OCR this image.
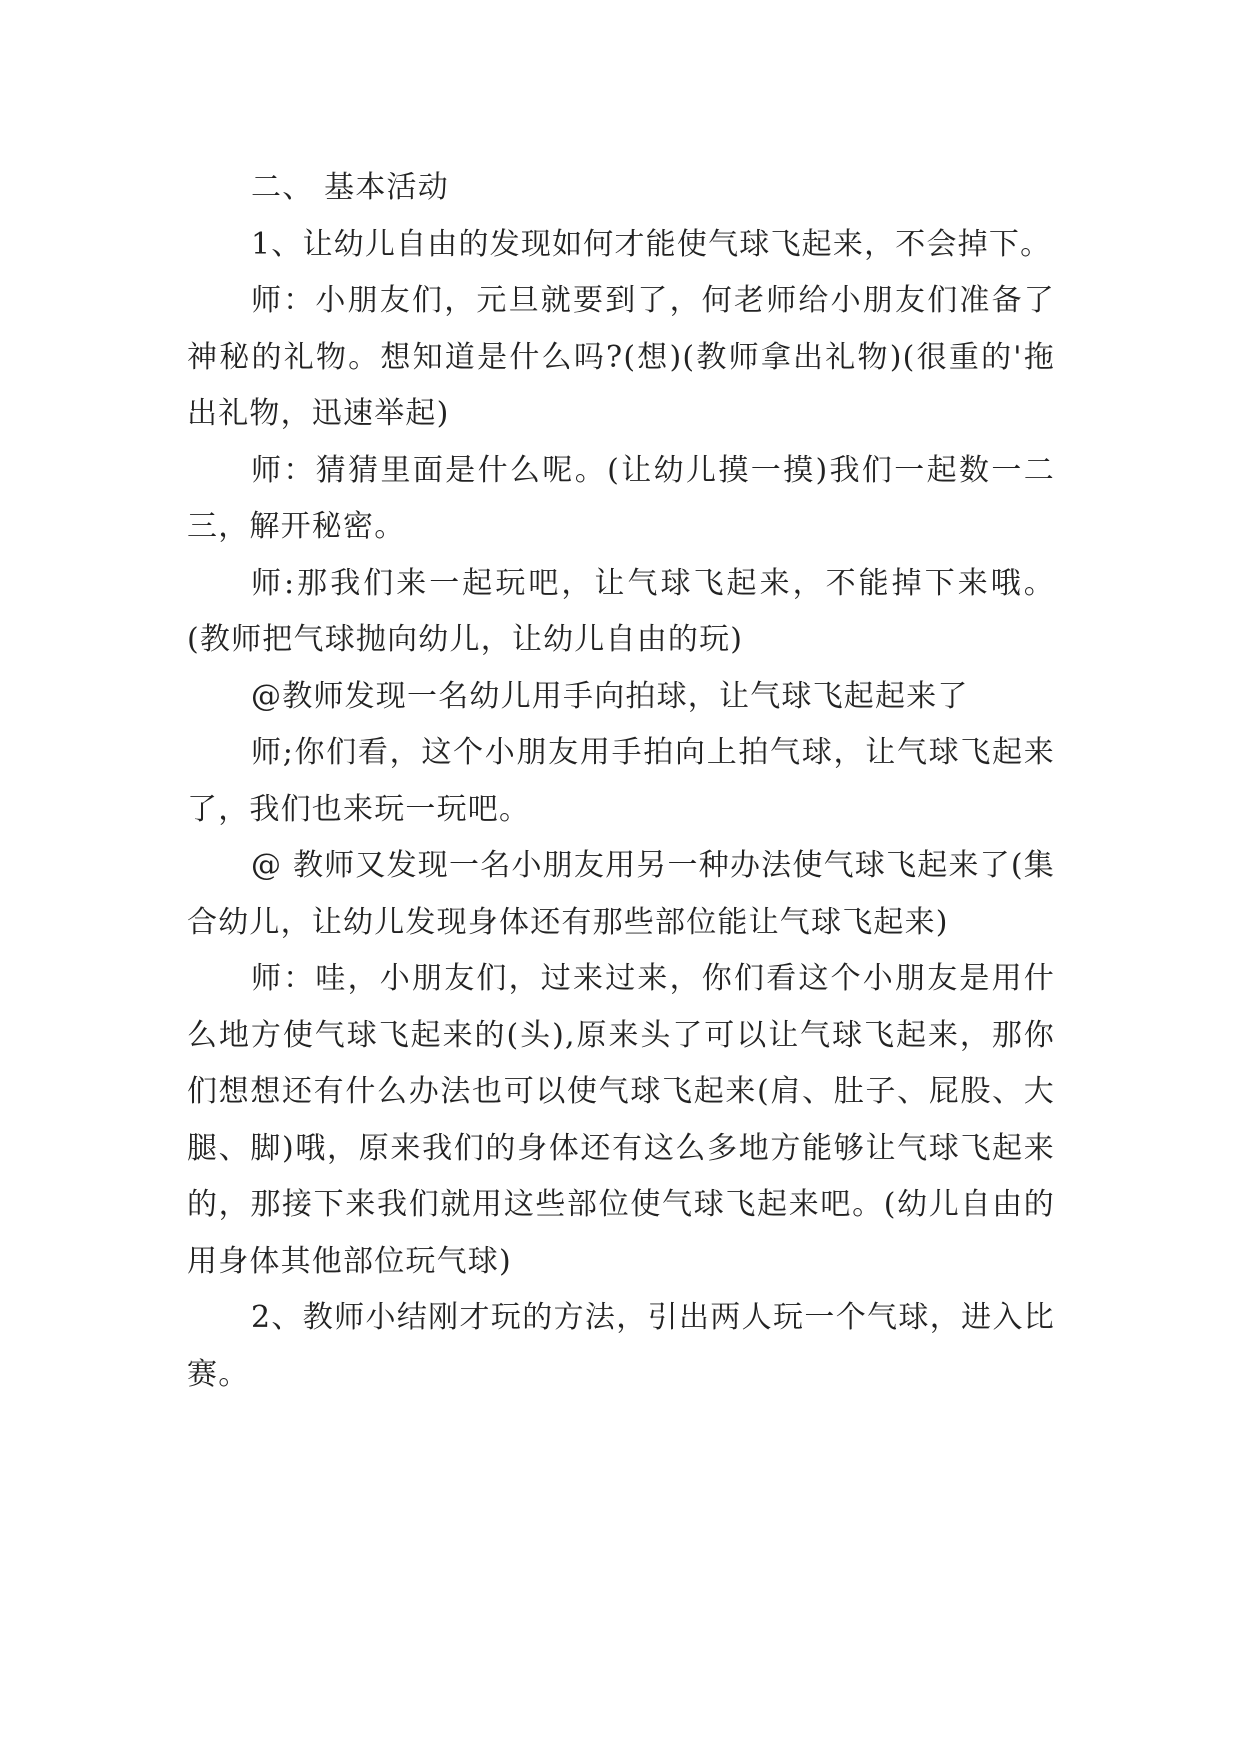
二、 基本活动

1、让幼儿自由的发现如何才能使气球飞起来，不会掉下。

师：小朋友们，元旦就要到了，何老师给小朋友们准备了神秘的礼物。想知道是什么吗?(想)(教师拿出礼物)(很重的'拖出礼物，迅速举起)

师：猜猜里面是什么呢。(让幼儿摸一摸)我们一起数一二三，解开秘密。

师:那我们来一起玩吧，让气球飞起来，不能掉下来哦。(教师把气球抛向幼儿，让幼儿自由的玩)

@教师发现一名幼儿用手向拍球，让气球飞起起来了

师;你们看，这个小朋友用手拍向上拍气球，让气球飞起来了，我们也来玩一玩吧。

@ 教师又发现一名小朋友用另一种办法使气球飞起来了(集合幼儿，让幼儿发现身体还有那些部位能让气球飞起来)

师：哇，小朋友们，过来过来，你们看这个小朋友是用什么地方使气球飞起来的(头),原来头了可以让气球飞起来，那你们想想还有什么办法也可以使气球飞起来(肩、肚子、屁股、大腿、脚)哦，原来我们的身体还有这么多地方能够让气球飞起来的，那接下来我们就用这些部位使气球飞起来吧。(幼儿自由的用身体其他部位玩气球)

2、教师小结刚才玩的方法，引出两人玩一个气球，进入比赛。
